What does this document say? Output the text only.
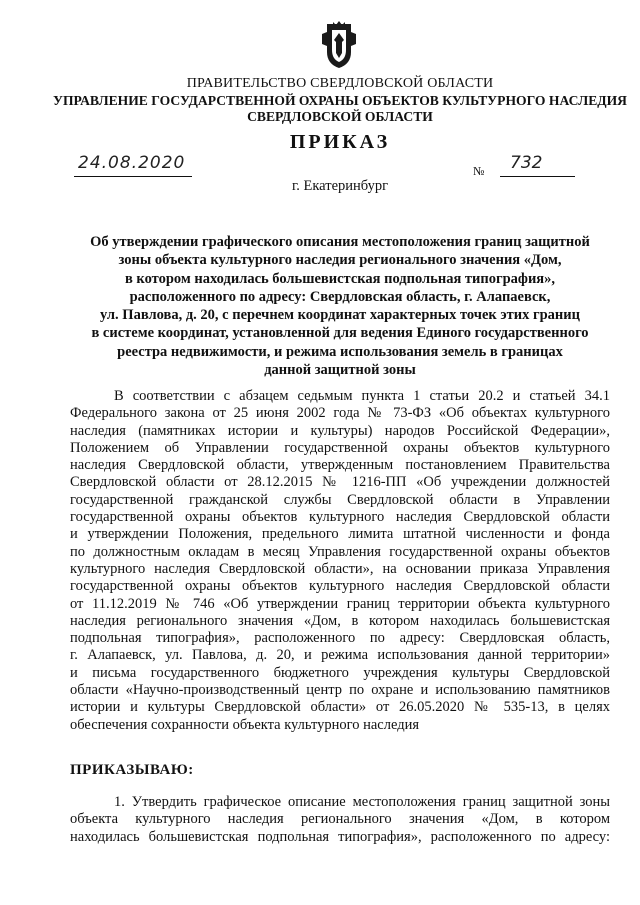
ПРАВИТЕЛЬСТВО СВЕРДЛОВСКОЙ ОБЛАСТИ
УПРАВЛЕНИЕ ГОСУДАРСТВЕННОЙ ОХРАНЫ ОБЪЕКТОВ КУЛЬТУРНОГО НАСЛЕДИЯ
СВЕРДЛОВСКОЙ ОБЛАСТИ
ПРИКАЗ
24.08.2020	№ 732
г. Екатеринбург
Об утверждении графического описания местоположения границ защитной
зоны объекта культурного наследия регионального значения «Дом,
в котором находилась большевистская подпольная типография»,
расположенного по адресу: Свердловская область, г. Алапаевск,
ул. Павлова, д. 20, с перечнем координат характерных точек этих границ
в системе координат, установленной для ведения Единого государственного
реестра недвижимости, и режима использования земель в границах
данной защитной зоны
В соответствии с абзацем седьмым пункта 1 статьи 20.2 и статьей 34.1
Федерального закона от 25 июня 2002 года № 73-ФЗ «Об объектах культурного
наследия (памятниках истории и культуры) народов Российской Федерации»,
Положением об Управлении государственной охраны объектов культурного
наследия Свердловской области, утвержденным постановлением Правительства
Свердловской области от 28.12.2015 № 1216-ПП «Об учреждении должностей
государственной гражданской службы Свердловской области в Управлении
государственной охраны объектов культурного наследия Свердловской области
и утверждении Положения, предельного лимита штатной численности и фонда
по должностным окладам в месяц Управления государственной охраны объектов
культурного наследия Свердловской области», на основании приказа Управления
государственной охраны объектов культурного наследия Свердловской области
от 11.12.2019 № 746 «Об утверждении границ территории объекта культурного
наследия регионального значения «Дом, в котором находилась большевистская
подпольная типография», расположенного по адресу: Свердловская область,
г. Алапаевск, ул. Павлова, д. 20, и режима использования данной территории»
и письма государственного бюджетного учреждения культуры Свердловской
области «Научно-производственный центр по охране и использованию памятников
истории и культуры Свердловской области» от 26.05.2020 № 535-13, в целях
обеспечения сохранности объекта культурного наследия
ПРИКАЗЫВАЮ:
1. Утвердить графическое описание местоположения границ защитной зоны
объекта культурного наследия регионального значения «Дом, в котором
находилась большевистская подпольная типография», расположенного по адресу:
